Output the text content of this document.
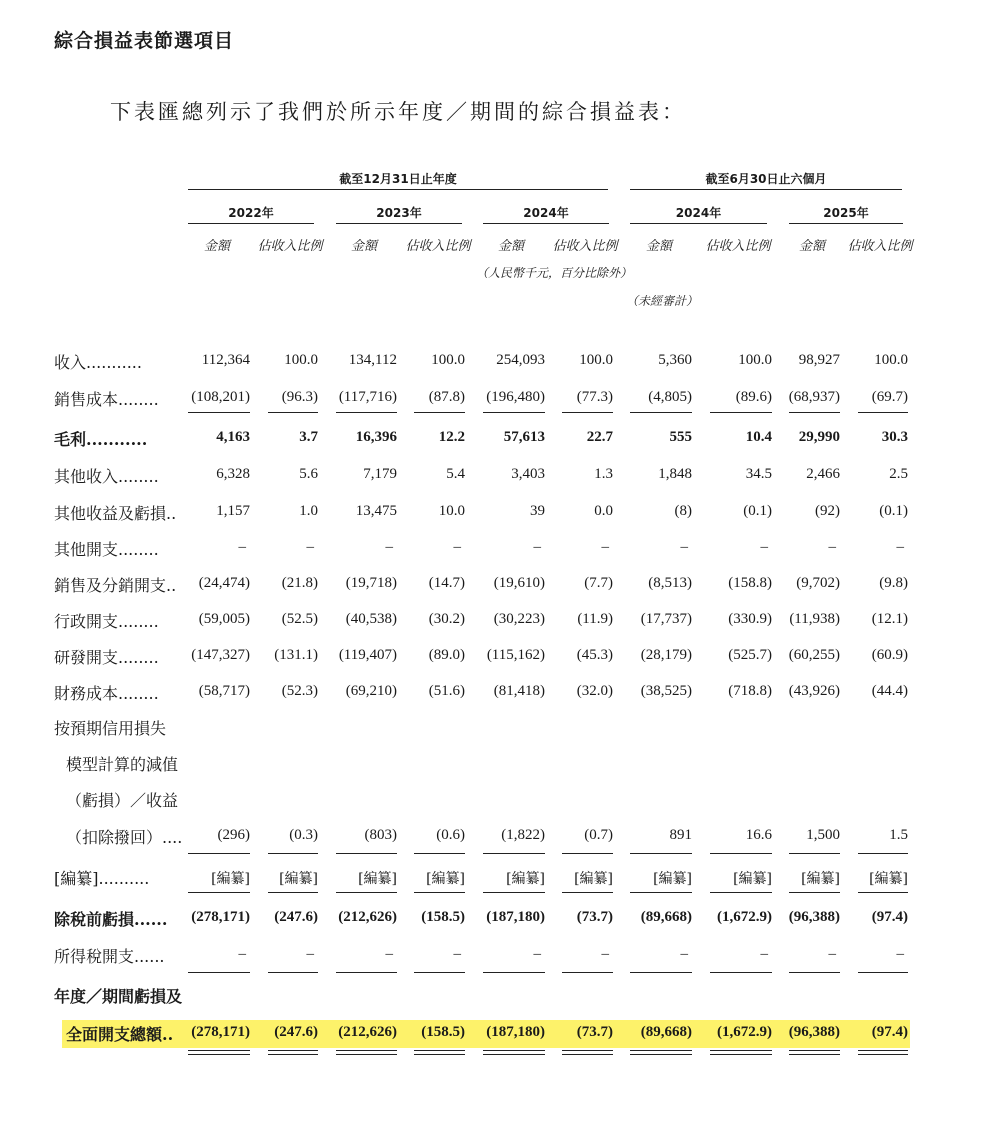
綜合損益表節選項目
下表匯總列示了我們於所示年度／期間的綜合損益表：
截至12月31日止年度	截至6月30日止六個月
2022年	2023年	2024年	2024年	2025年
金額	佔收入比例	金額	佔收入比例	金額	佔收入比例	金額	佔收入比例	金額	佔收入比例
（人民幣千元，百分比除外）
（未經審計）
收入...........	112,364	100.0	134,112	100.0	254,093	100.0	5,360	100.0	98,927	100.0
銷售成本........	(108,201)	(96.3)	(117,716)	(87.8)	(196,480)	(77.3)	(4,805)	(89.6)	(68,937)	(69.7)
毛利...........	4,163	3.7	16,396	12.2	57,613	22.7	555	10.4	29,990	30.3
其他收入........	6,328	5.6	7,179	5.4	3,403	1.3	1,848	34.5	2,466	2.5
其他收益及虧損..	1,157	1.0	13,475	10.0	39	0.0	(8)	(0.1)	(92)	(0.1)
其他開支........	–	–	–	–	–	–	–	–	–	–
銷售及分銷開支..	(24,474)	(21.8)	(19,718)	(14.7)	(19,610)	(7.7)	(8,513)	(158.8)	(9,702)	(9.8)
行政開支........	(59,005)	(52.5)	(40,538)	(30.2)	(30,223)	(11.9)	(17,737)	(330.9)	(11,938)	(12.1)
研發開支........	(147,327)	(131.1)	(119,407)	(89.0)	(115,162)	(45.3)	(28,179)	(525.7)	(60,255)	(60.9)
財務成本........	(58,717)	(52.3)	(69,210)	(51.6)	(81,418)	(32.0)	(38,525)	(718.8)	(43,926)	(44.4)
按預期信用損失
模型計算的減值
（虧損）／收益
（扣除撥回）....	(296)	(0.3)	(803)	(0.6)	(1,822)	(0.7)	891	16.6	1,500	1.5
[編纂]..........	[編纂]	[編纂]	[編纂]	[編纂]	[編纂]	[編纂]	[編纂]	[編纂]	[編纂]	[編纂]
除稅前虧損......	(278,171)	(247.6)	(212,626)	(158.5)	(187,180)	(73.7)	(89,668)	(1,672.9)	(96,388)	(97.4)
所得稅開支......	–	–	–	–	–	–	–	–	–	–
年度／期間虧損及
全面開支總額..	(278,171)	(247.6)	(212,626)	(158.5)	(187,180)	(73.7)	(89,668)	(1,672.9)	(96,388)	(97.4)
